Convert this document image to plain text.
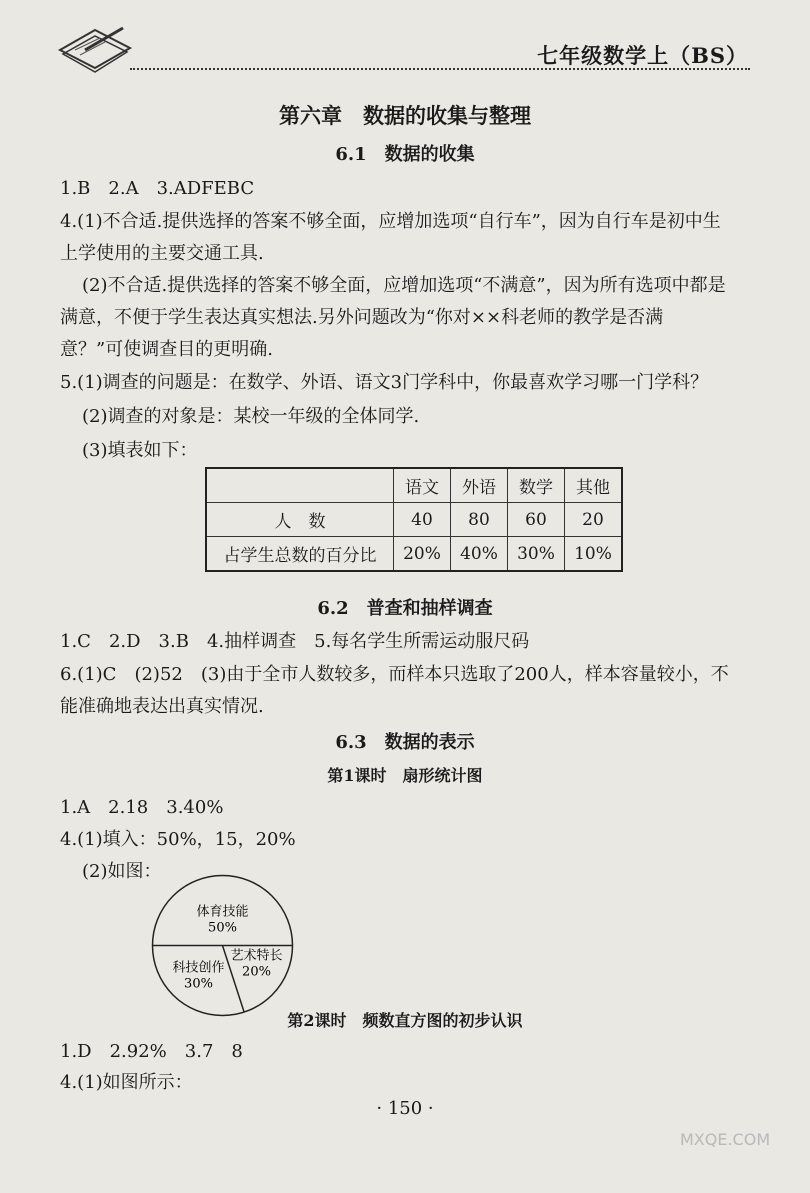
七年级数学上（BS）
第六章　数据的收集与整理
6.1　数据的收集
1.B　2.A　3.ADFEBC
4.(1)不合适.提供选择的答案不够全面，应增加选项“自行车”，因为自行车是初中生
上学使用的主要交通工具.
(2)不合适.提供选择的答案不够全面，应增加选项“不满意”，因为所有选项中都是
满意，不便于学生表达真实想法.另外问题改为“你对××科老师的教学是否满
意？”可使调查目的更明确.
5.(1)调查的问题是：在数学、外语、语文3门学科中，你最喜欢学习哪一门学科？
(2)调查的对象是：某校一年级的全体同学.
(3)填表如下：
	语文	外语	数学	其他
人　数	40	80	60	20
占学生总数的百分比	20%	40%	30%	10%
6.2　普查和抽样调查
1.C　2.D　3.B　4.抽样调查　5.每名学生所需运动服尺码
6.(1)C　(2)52　(3)由于全市人数较多，而样本只选取了200人，样本容量较小，不
能准确地表达出真实情况.
6.3　数据的表示
第1课时　扇形统计图
1.A　2.18　3.40%
4.(1)填入：50%，15，20%
(2)如图：
体育技能
50%
艺术特长
20%
科技创作
30%
第2课时　频数直方图的初步认识
1.D　2.92%　3.7　8
4.(1)如图所示：
· 150 ·
MXQE.COM
